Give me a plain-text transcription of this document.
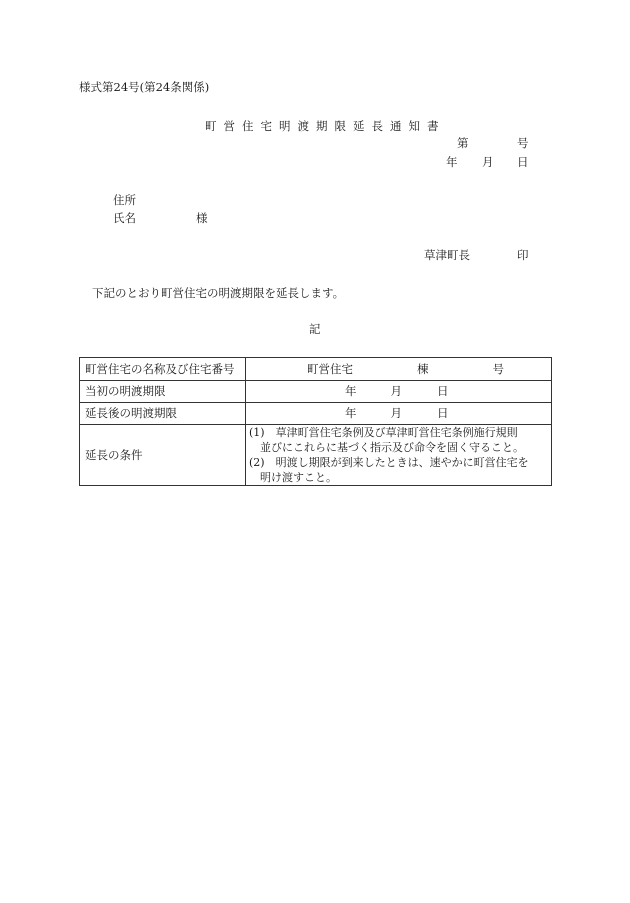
様式第24号(第24条関係)
町営住宅明渡期限延長通知書
第	号
年 月 日
住所
氏名	様
草津町長	印
下記のとおり町営住宅の明渡期限を延長します。
記
町営住宅の名称及び住宅番号	町営住宅 棟 号

当初の明渡期限	年 月 日

延長後の明渡期限	年 月 日

延長の条件	(1)　草津町営住宅条例及び草津町営住宅条例施行規則
　並びにこれらに基づく指示及び命令を固く守ること。
(2)　明渡し期限が到来したときは、速やかに町営住宅を
　明け渡すこと。
